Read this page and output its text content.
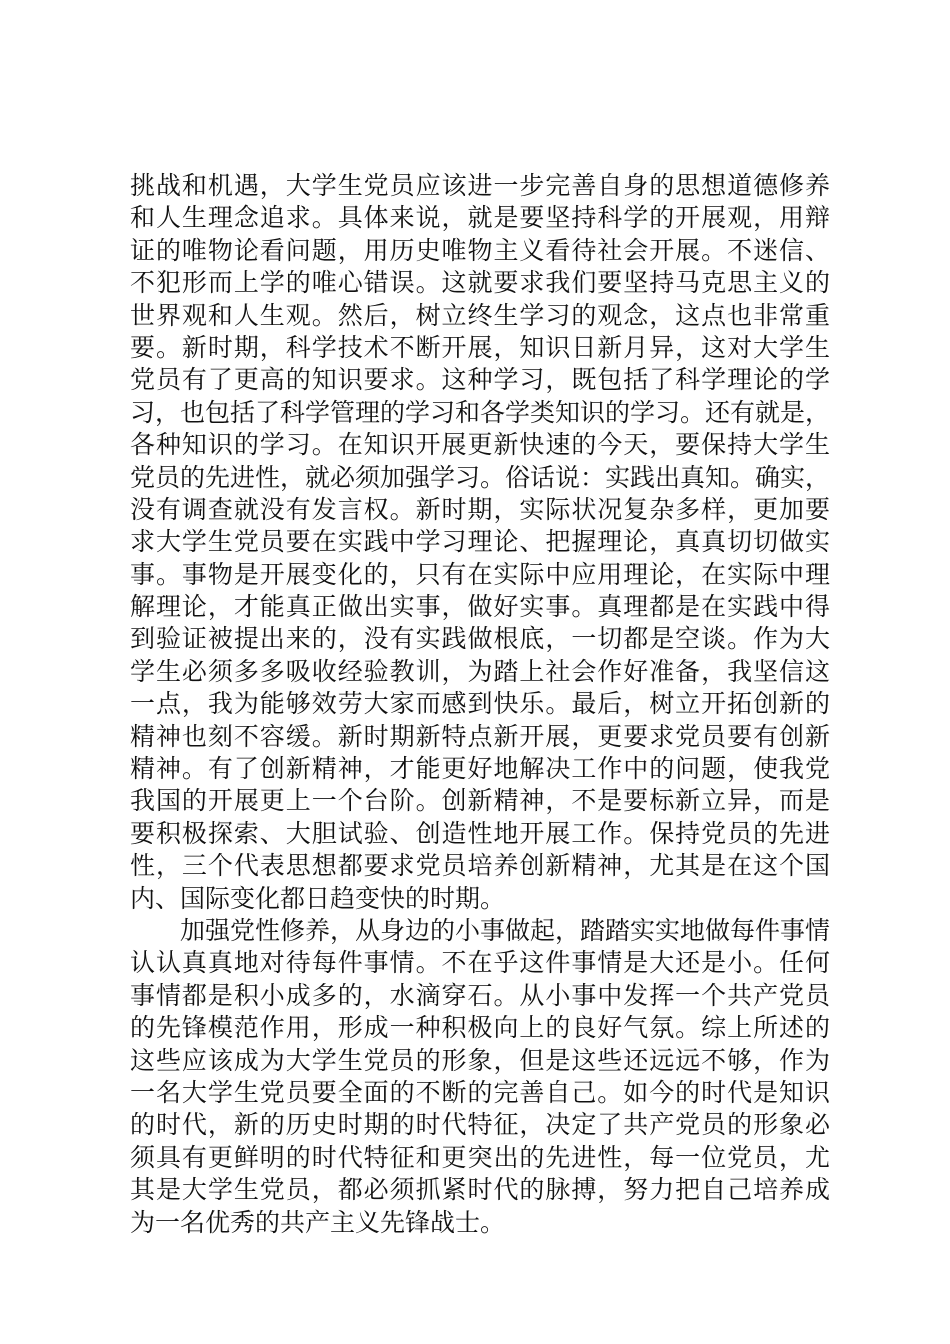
挑战和机遇，大学生党员应该进一步完善自身的思想道德修养
和人生理念追求。具体来说，就是要坚持科学的开展观，用辩
证的唯物论看问题，用历史唯物主义看待社会开展。不迷信、
不犯形而上学的唯心错误。这就要求我们要坚持马克思主义的
世界观和人生观。然后，树立终生学习的观念，这点也非常重
要。新时期，科学技术不断开展，知识日新月异，这对大学生
党员有了更高的知识要求。这种学习，既包括了科学理论的学
习，也包括了科学管理的学习和各学类知识的学习。还有就是，
各种知识的学习。在知识开展更新快速的今天，要保持大学生
党员的先进性，就必须加强学习。俗话说：实践出真知。确实，
没有调查就没有发言权。新时期，实际状况复杂多样，更加要
求大学生党员要在实践中学习理论、把握理论，真真切切做实
事。事物是开展变化的，只有在实际中应用理论，在实际中理
解理论，才能真正做出实事，做好实事。真理都是在实践中得
到验证被提出来的，没有实践做根底，一切都是空谈。作为大
学生必须多多吸收经验教训，为踏上社会作好准备，我坚信这
一点，我为能够效劳大家而感到快乐。最后，树立开拓创新的
精神也刻不容缓。新时期新特点新开展，更要求党员要有创新
精神。有了创新精神，才能更好地解决工作中的问题，使我党
我国的开展更上一个台阶。创新精神，不是要标新立异，而是
要积极探索、大胆试验、创造性地开展工作。保持党员的先进
性，三个代表思想都要求党员培养创新精神，尤其是在这个国
内、国际变化都日趋变快的时期。
加强党性修养，从身边的小事做起，踏踏实实地做每件事情
认认真真地对待每件事情。不在乎这件事情是大还是小。任何
事情都是积小成多的，水滴穿石。从小事中发挥一个共产党员
的先锋模范作用，形成一种积极向上的良好气氛。综上所述的
这些应该成为大学生党员的形象，但是这些还远远不够，作为
一名大学生党员要全面的不断的完善自己。如今的时代是知识
的时代，新的历史时期的时代特征，决定了共产党员的形象必
须具有更鲜明的时代特征和更突出的先进性，每一位党员，尤
其是大学生党员，都必须抓紧时代的脉搏，努力把自己培养成
为一名优秀的共产主义先锋战士。
